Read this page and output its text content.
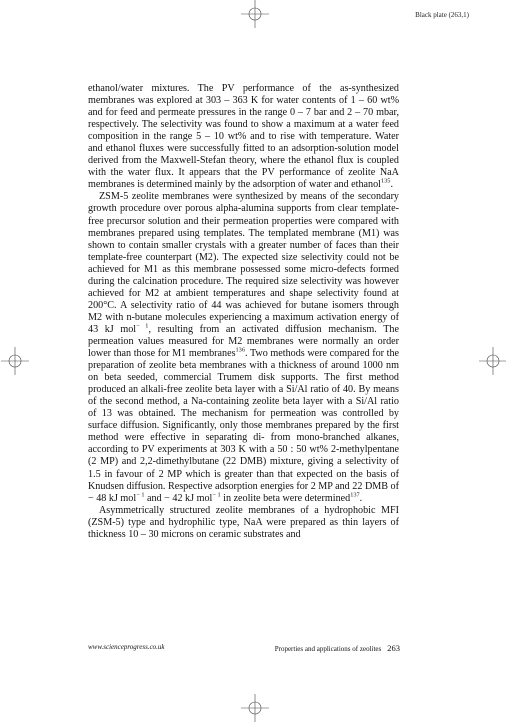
Black plate (263,1)

ethanol/water mixtures. The PV performance of the as-synthesized membranes was explored at 303 – 363 K for water contents of 1 – 60 wt% and for feed and permeate pressures in the range 0 – 7 bar and 2 – 70 mbar, respectively. The selectivity was found to show a maximum at a water feed composition in the range 5 – 10 wt% and to rise with temperature. Water and ethanol fluxes were successfully fitted to an adsorption-solution model derived from the Maxwell-Stefan theory, where the ethanol flux is coupled with the water flux. It appears that the PV performance of zeolite NaA membranes is determined mainly by the adsorption of water and ethanol$^{135}$.

ZSM-5 zeolite membranes were synthesized by means of the secondary growth procedure over porous alpha-alumina supports from clear template-free precursor solution and their permeation properties were compared with membranes prepared using templates. The templated membrane (M1) was shown to contain smaller crystals with a greater number of faces than their template-free counterpart (M2). The expected size selectivity could not be achieved for M1 as this membrane possessed some micro-defects formed during the calcination procedure. The required size selectivity was however achieved for M2 at ambient temperatures and shape selectivity found at 200°C. A selectivity ratio of 44 was achieved for butane isomers through M2 with n-butane molecules experiencing a maximum activation energy of 43 kJ mol$^{- 1}$, resulting from an activated diffusion mechanism. The permeation values measured for M2 membranes were normally an order lower than those for M1 membranes$^{136}$. Two methods were compared for the preparation of zeolite beta membranes with a thickness of around 1000 nm on beta seeded, commercial Trumem disk supports. The first method produced an alkali-free zeolite beta layer with a Si/Al ratio of 40. By means of the second method, a Na-containing zeolite beta layer with a Si/Al ratio of 13 was obtained. The mechanism for permeation was controlled by surface diffusion. Significantly, only those membranes prepared by the first method were effective in separating di- from mono-branched alkanes, according to PV experiments at 303 K with a 50 : 50 wt% 2-methylpentane (2 MP) and 2,2-dimethylbutane (22 DMB) mixture, giving a selectivity of 1.5 in favour of 2 MP which is greater than that expected on the basis of Knudsen diffusion. Respective adsorption energies for 2 MP and 22 DMB of − 48 kJ mol$^{- 1}$ and − 42 kJ mol$^{- 1}$ in zeolite beta were determined$^{137}$.

Asymmetrically structured zeolite membranes of a hydrophobic MFI (ZSM-5) type and hydrophilic type, NaA were prepared as thin layers of thickness 10 – 30 microns on ceramic substrates and

www.scienceprogress.co.uk	Properties and applications of zeolites 263
